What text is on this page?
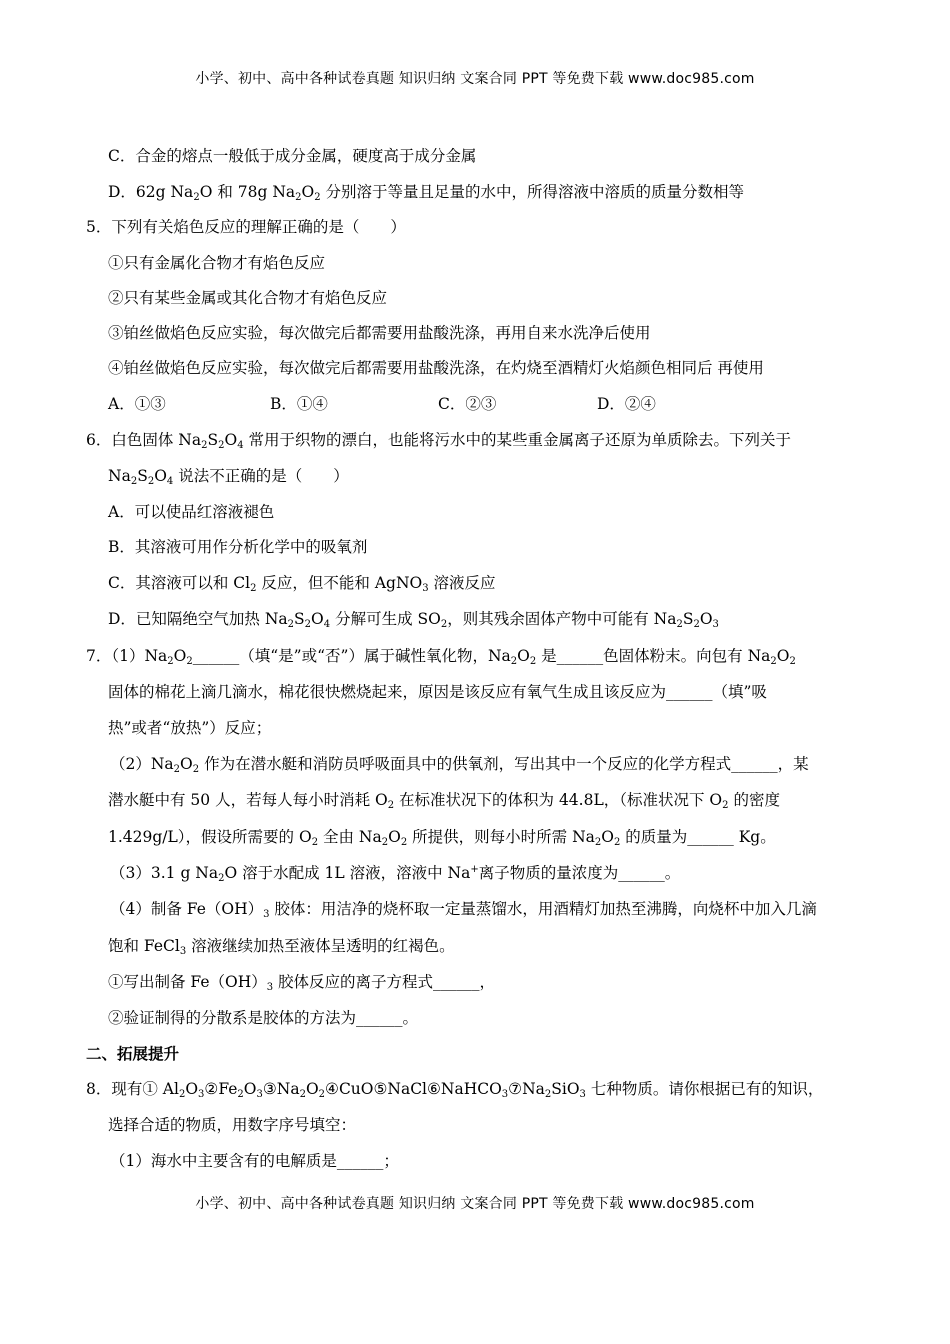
小学、初中、高中各种试卷真题 知识归纳 文案合同 PPT 等免费下载 www.doc985.com
C．合金的熔点一般低于成分金属，硬度高于成分金属
D．62g $Na_2O$ 和 78g $Na_2O_2$ 分别溶于等量且足量的水中，所得溶液中溶质的质量分数相等
5．下列有关焰色反应的理解正确的是（　　）
①只有金属化合物才有焰色反应
②只有某些金属或其化合物才有焰色反应
③铂丝做焰色反应实验，每次做完后都需要用盐酸洗涤，再用自来水洗净后使用
④铂丝做焰色反应实验，每次做完后都需要用盐酸洗涤，在灼烧至酒精灯火焰颜色相同后 再使用
A．①③	B．①④	C．②③	D．②④
6．白色固体 $Na_2S_2O_4$ 常用于织物的漂白，也能将污水中的某些重金属离子还原为单质除去。下列关于
$Na_2S_2O_4$ 说法不正确的是（　　）
A．可以使品红溶液褪色
B．其溶液可用作分析化学中的吸氧剂
C．其溶液可以和 $Cl_2$ 反应，但不能和 AgNO$_3$ 溶液反应
D．已知隔绝空气加热 $Na_2S_2O_4$ 分解可生成 $SO_2$，则其残余固体产物中可能有 $Na_2S_2O_3$
7．$(1)Na_2O_2\_\_\_\_\_\_$（填“是”或“否”）属于碱性氧化物，$Na_2O_2$ 是______色固体粉末。向包有 $Na_2O_2$
固体的棉花上滴几滴水，棉花很快燃烧起来，原因是该反应有氧气生成且该反应为______（填”吸
热”或者“放热”）反应；
$(2)Na_2O_2$ 作为在潜水艇和消防员呼吸面具中的供氧剂，写出其中一个反应的化学方程式______，某
潜水艇中有 50 人，若每人每小时消耗 $O_2$ 在标准状况下的体积为 44.8L，（标准状况下 $O_2$ 的密度
1.429g/L），假设所需要的 $O_2$ 全由 $Na_2O_2$ 所提供，则每小时所需 $Na_2O_2$ 的质量为______ Kg。
（3）3.1 g $Na_2O$ 溶于水配成 1L 溶液，溶液中 Na+离子物质的量浓度为______。
（4）制备 $Fe(OH)_3$ 胶体：用洁净的烧杯取一定量蒸馏水，用酒精灯加热至沸腾，向烧杯中加入几滴
饱和 FeCl$_3$ 溶液继续加热至液体呈透明的红褐色。
①写出制备 $Fe(OH)_3$ 胶体反应的离子方程式______，
②验证制得的分散系是胶体的方法为______。
二、拓展提升
8．现有① $Al_2O_3②Fe_2O_3③Na_2O_2④CuO⑤NaCl⑥NaHCO_3⑦Na_2SiO_3$ 七种物质。请你根据已有的知识，
选择合适的物质，用数字序号填空：
（1）海水中主要含有的电解质是______；
小学、初中、高中各种试卷真题 知识归纳 文案合同 PPT 等免费下载 www.doc985.com
